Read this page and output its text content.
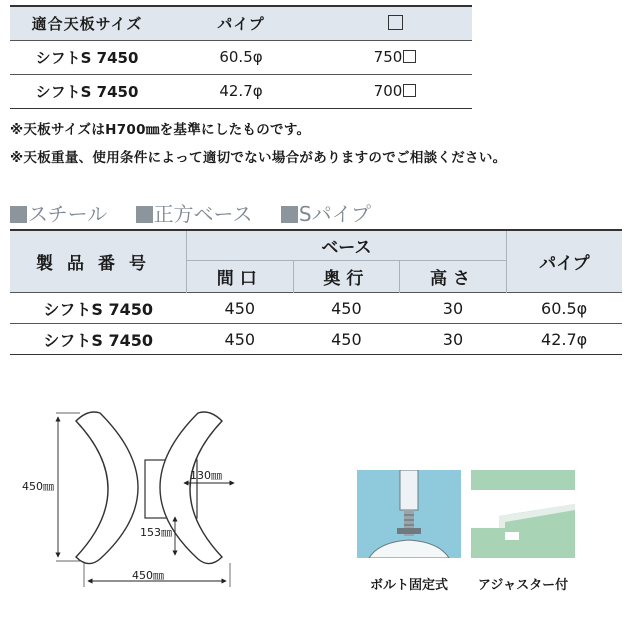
適合天板サイズ	パイプ	
シフトS 7450	60.5φ	750
シフトS 7450	42.7φ	700
※天板サイズはH700㎜を基準にしたものです。
※天板重量、使用条件によって適切でない場合がありますのでご相談ください。
スチール 正方ベース Sパイプ
製品番号	ベース			パイプ
	間口	奥行	高さ	
シフトS 7450	450	450	30	60.5φ
シフトS 7450	450	450	30	42.7φ
450㎜
450㎜
130㎜
153㎜
ボルト固定式	アジャスター付
